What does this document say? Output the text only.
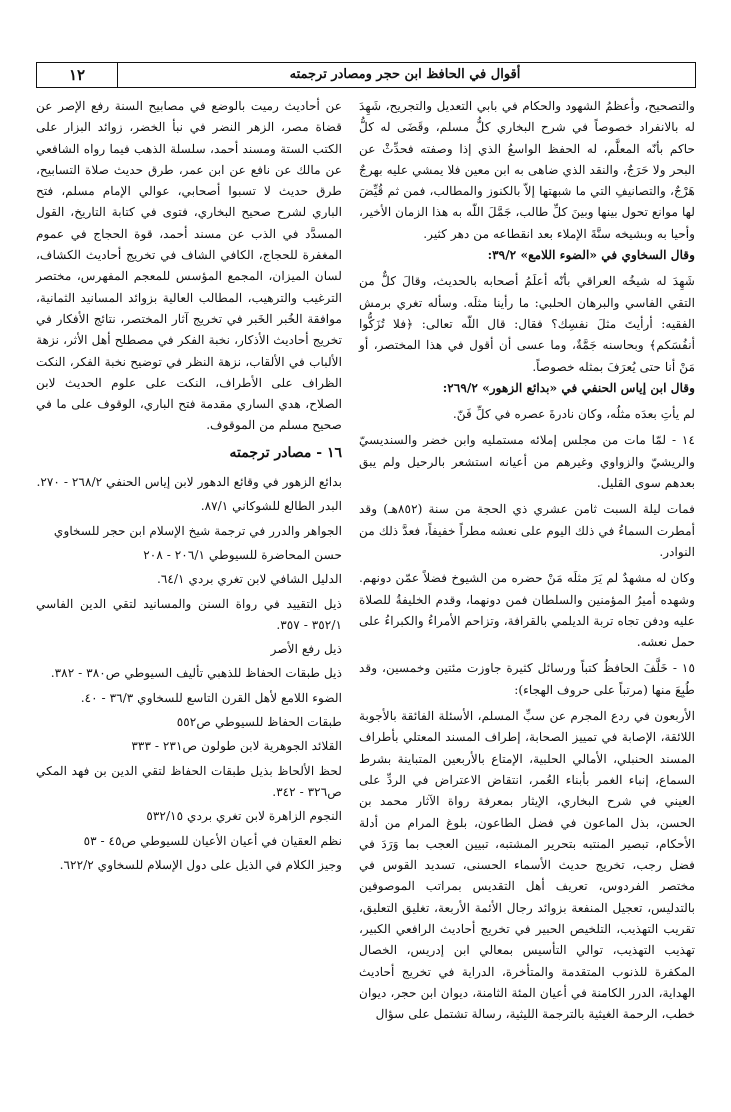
أقوال في الحافظ ابن حجر ومصادر ترجمته
١٢

والتصحيح، وأعظمُ الشهود والحكام في بابي التعديل والتجريح، شَهِدَ له بالانفراد خصوصاً في شرح البخاري كلُّ مسلم، وقَضَى له كلُّ حاكم بأنّه المعلَّم، له الحفظ الواسعُ الذي إذا وصفته فحدِّثْ عن البحر ولا حَرَجٌ، والنقد الذي ضاهى به ابن معين فلا يمشي عليه بهرجٌ هَرْجٌ، والتصانيفِ التي ما شبهتها إلاّ بالكنوز والمطالب، فمن ثم قُيِّضَ لها موانع تحول بينها وبينَ كلِّ طالب، جَمَّلَ اللّه به هذا الزمان الأخير، وأحيا به وبشيخه سنَّةَ الإملاء بعد انقطاعه من دهر كثير.

وقال السخاوي في «الضوء اللامع» ٣٩/٢:

شَهِدَ له شيخُه العراقي بأنّه أعلَمُ أصحابه بالحديث، وقالَ كلٌّ من التقي الفاسي والبرهان الحلبي: ما رأينا مثلَه. وسأله تغري برمش الفقيه: أرأيتَ مثلَ نفسِك؟ فقال: قال اللّه تعالى: ﴿فلا تُزَكُّوا أنفُسَكم﴾ وبحاسنه جَمَّةٌ، وما عسى أن أقول في هذا المختصر، أو مَنْ أنا حتى يُعرَفَ بمثله خصوصاً.

وقال ابن إياس الحنفي في «بدائع الزهور» ٢٦٩/٢:

لم يأتِ بعدَه مثلُه، وكان نادرةَ عصره في كلِّ فَنّ.

١٤ - لمّا مات من مجلس إملائه مستمليه وابن خضر والسنديسيّ والريشيّ والزواوي وغيرهم من أعيانه استشعر بالرحيل ولم يبق بعدهم سوى القليل.

فمات ليلة السبت ثامن عشري ذي الحجة من سنة (٨٥٢هـ) وقد أمطرت السماءُ في ذلك اليوم على نعشه مطراً خفيفاً، فعدَّ ذلك من النوادر.

وكان له مشهدٌ لم يَرَ مثلَه مَنْ حضره من الشيوخ فضلاً عمّن دونهم. وشهده أميرُ المؤمنين والسلطان فمن دونهما، وقدم الخليفةُ للصلاة عليه ودفن تجاه تربة الديلمي بالقرافة، وتزاحم الأمراءُ والكبراءُ على حمل نعشه.

١٥ - خَلَّفَ الحافظُ كتباً ورسائل كثيرة جاوزت مئتين وخمسين، وقد طُبِعَ منها (مرتباً على حروف الهجاء):

الأربعون في ردع المجرم عن سبِّ المسلم، الأسئلة الفائقة بالأجوبة اللائقة، الإصابة في تمييز الصحابة، إطراف المسند المعتلي بأطراف المسند الحنبلي، الأمالي الحلبية، الإمتاع بالأربعين المتباينة بشرط السماع، إنباء الغمر بأبناء العُمر، انتقاض الاعتراض في الردِّ على العيني في شرح البخاري، الإيثار بمعرفة رواة الآثار محمد بن الحسن، بذل الماعون في فضل الطاعون، بلوغ المرام من أدلة الأحكام، تبصير المنتبه بتحرير المشتبه، تبيين العجب بما وَرَدَ في فضل رجب، تخريج حديث الأسماء الحسنى، تسديد القوس في مختصر الفردوس، تعريف أهل التقديس بمراتب الموصوفين بالتدليس، تعجيل المنفعة بزوائد رجال الأئمة الأربعة، تغليق التعليق، تقريب التهذيب، التلخيص الحبير في تخريج أحاديث الرافعي الكبير، تهذيب التهذيب، توالي التأسيس بمعالي ابن إدريس، الخصال المكفرة للذنوب المتقدمة والمتأخرة، الدراية في تخريج أحاديث الهداية، الدرر الكامنة في أعيان المئة الثامنة، ديوان ابن حجر، ديوان خطب، الرحمة الغيثية بالترجمة الليثية، رسالة تشتمل على سؤال

عن أحاديث رميت بالوضع في مصابيح السنة رفع الإصر عن قضاة مصر، الزهر النضر في نبأ الخضر، زوائد البزار على الكتب الستة ومسند أحمد، سلسلة الذهب فيما رواه الشافعي عن مالك عن نافع عن ابن عمر، طرق حديث صلاة التسابيح، طرق حديث لا تسبوا أصحابي، عوالي الإمام مسلم، فتح الباري لشرح صحيح البخاري، فتوى في كتابة التاريخ، القول المسدَّد في الذب عن مسند أحمد، قوة الحجاج في عموم المغفرة للحجاج، الكافي الشاف في تخريج أحاديث الكشاف، لسان الميزان، المجمع المؤسس للمعجم المفهرس، مختصر الترغيب والترهيب، المطالب العالية بزوائد المسانيد الثمانية، موافقة الخُبر الخَبر في تخريج آثار المختصر، نتائج الأفكار في تخريج أحاديث الأذكار، نخبة الفكر في مصطلح أهل الأثر، نزهة الألباب في الألقاب، نزهة النظر في توضيح نخبة الفكر، النكت الظراف على الأطراف، النكت على علوم الحديث لابن الصلاح، هدي الساري مقدمة فتح الباري، الوقوف على ما في صحيح مسلم من الموقوف.

١٦ - مصادر ترجمته

بدائع الزهور في وقائع الدهور لابن إياس الحنفي ٢٦٨/٢ - ٢٧٠.

البدر الطالع للشوكاني ٨٧/١.

الجواهر والدرر في ترجمة شيخ الإسلام ابن حجر للسخاوي

حسن المحاضرة للسيوطي ٢٠٦/١ - ٢٠٨

الدليل الشافي لابن تغري بردي ٦٤/١.

ذيل التقييد في رواة السنن والمسانيد لتقي الدين الفاسي ٣٥٢/١ - ٣٥٧.

ذيل رفع الأصر

ذيل طبقات الحفاظ للذهبي تأليف السيوطي ص٣٨٠ - ٣٨٢.

الضوء اللامع لأهل القرن التاسع للسخاوي ٣٦/٣ - ٤٠.

طبقات الحفاظ للسيوطي ص٥٥٢

القلائد الجوهرية لابن طولون ص٢٣١ - ٣٣٣

لحظ الألحاظ بذيل طبقات الحفاظ لتقي الدين بن فهد المكي ص٣٢٦ - ٣٤٢.

النجوم الزاهرة لابن تغري بردي ٥٣٢/١٥

نظم العقيان في أعيان الأعيان للسيوطي ص٤٥ - ٥٣

وجيز الكلام في الذيل على دول الإسلام للسخاوي ٦٢٢/٢.
